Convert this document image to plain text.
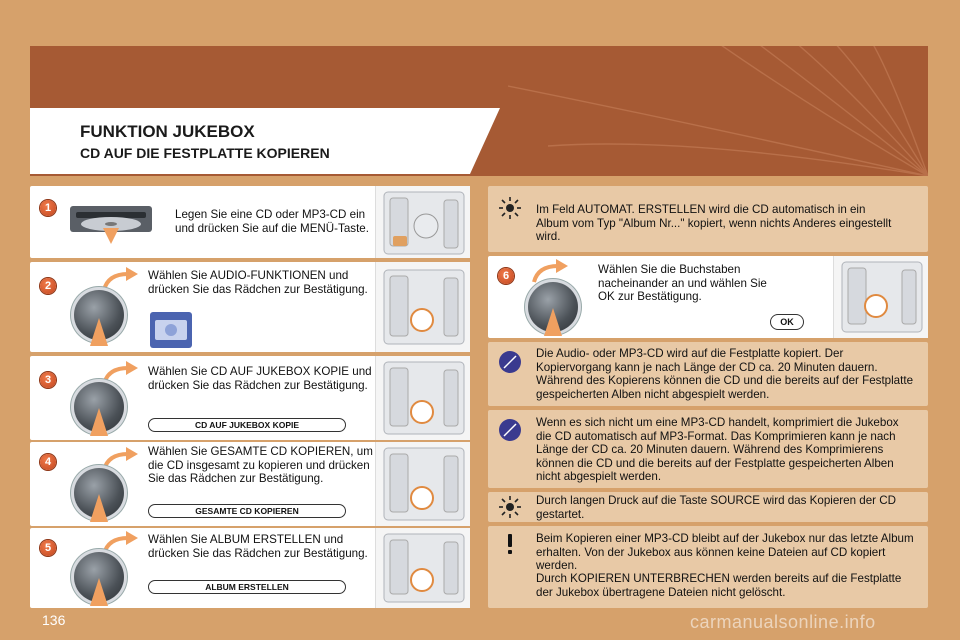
FUNKTION JUKEBOX
CD AUF DIE FESTPLATTE KOPIEREN
1	Legen Sie eine CD oder MP3-CD ein und drücken Sie auf die MENÜ-Taste.
2
Wählen Sie AUDIO-FUNKTIONEN und drücken Sie das Rädchen zur Bestätigung.
3
Wählen Sie CD AUF JUKEBOX KOPIE und drücken Sie das Rädchen zur Bestätigung.
CD AUF JUKEBOX KOPIE
4
Wählen Sie GESAMTE CD KOPIEREN, um die CD insgesamt zu kopieren und drücken Sie das Rädchen zur Bestätigung.
GESAMTE CD KOPIEREN
5
Wählen Sie ALBUM ERSTELLEN und drücken Sie das Rädchen zur Bestätigung.
ALBUM ERSTELLEN
Im Feld AUTOMAT. ERSTELLEN wird die CD automatisch in ein Album vom Typ "Album Nr..." kopiert, wenn nichts Anderes eingestellt wird.
6	Wählen Sie die Buchstaben nacheinander an und wählen Sie OK zur Bestätigung.
OK
Die Audio- oder MP3-CD wird auf die Festplatte kopiert. Der Kopiervorgang kann je nach Länge der CD ca. 20 Minuten dauern. Während des Kopierens können die CD und die bereits auf der Festplatte gespeicherten Alben nicht abgespielt werden.
Wenn es sich nicht um eine MP3-CD handelt, komprimiert die Jukebox die CD automatisch auf MP3-Format. Das Komprimieren kann je nach Länge der CD ca. 20 Minuten dauern. Während des Komprimierens können die CD und die bereits auf der Festplatte gespeicherten Alben nicht abgespielt werden.
Durch langen Druck auf die Taste SOURCE wird das Kopieren der CD gestartet.
Beim Kopieren einer MP3-CD bleibt auf der Jukebox nur das letzte Album erhalten. Von der Jukebox aus können keine Dateien auf CD kopiert werden.
Durch KOPIEREN UNTERBRECHEN werden bereits auf die Festplatte der Jukebox übertragene Dateien nicht gelöscht.
136	carmanualsonline.info
